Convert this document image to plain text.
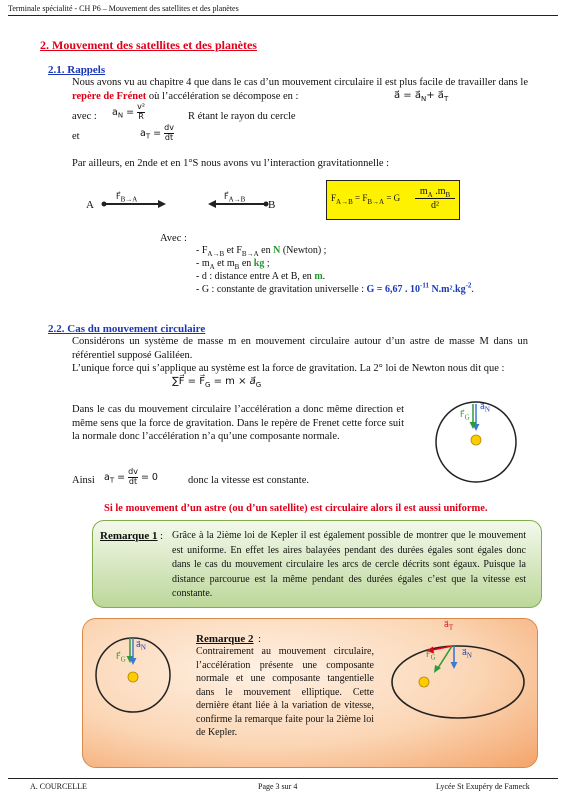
Terminale spécialité - CH P6 – Mouvement des satellites et des planètes
2. Mouvement des satellites et des planètes
2.1. Rappels
Nous avons vu au chapitre 4 que dans le cas d’un mouvement circulaire il est plus facile de travailler dans le repère de Frénet où l’accélération se décompose en :	a⃗ = $a⃗_N+$ $a⃗_T$
avec : $a_N = \frac{\text{v²}}{R}$	R étant le rayon du cercle
et	$a_T = \frac{dv}{dt}$
Par ailleurs, en 2nde et en 1°S nous avons vu l’interaction gravitationnelle :
A
$F⃗_{B\to A}$	$F⃗_{A\to B}$ B
$F_{A\to B} = F_{B\to A} = G$
$m_A$ $.m_B$
d²
Avec :
- $F_{A\to B}$ et $F_{B\to A}$ en N (Newton) ;
- $m_A$ et $m_B$ en kg ;
- d : distance entre A et B, en m.
- G : constante de gravitation universelle : G = 6,67 . $10^{-11}$ $N.m^2.kg^{-2}$.
2.2. Cas du mouvement circulaire
Considérons un système de masse m en mouvement circulaire autour d’un astre de masse M dans un référentiel supposé Galiléen.
L’unique force qui s’applique au système est la force de gravitation. La 2° loi de Newton nous dit que :
∑F⃗ = $F⃗_G = m$ × $a⃗_G$
Dans le cas du mouvement circulaire l’accélération a donc même direction et même sens que la force de gravitation. Dans le repère de Frenet cette force suit la normale donc l’accélération n’a qu’une composante normale.
$a⃗_N$
$F⃗_G$
Ainsi $a_T = \frac{dv}{dt} = 0$	donc la vitesse est constante.
Si le mouvement d’un astre (ou d’un satellite) est circulaire alors il est aussi uniforme.
Remarque 1 : Grâce à la 2ième loi de Kepler il est également possible de montrer que le mouvement est uniforme. En effet les aires balayées pendant des durées égales sont égales donc dans le cas du mouvement circulaire les arcs de cercle décrits sont égaux. Puisque la distance parcourue est la même pendant des durées égales c’est que la vitesse est constante.
$a⃗_N$
$F⃗_G$
Remarque 2 :
Contrairement au mouvement circulaire, l’accélération présente une composante normale et une composante tangentielle dans le mouvement elliptique. Cette dernière étant liée à la variation de vitesse, confirme la remarque faite pour la 2ième loi de Kepler.
$a⃗_T$
$F⃗_G$
$a⃗_N$
A. COURCELLE	Page 3 sur 4	Lycée St Exupéry de Fameck
